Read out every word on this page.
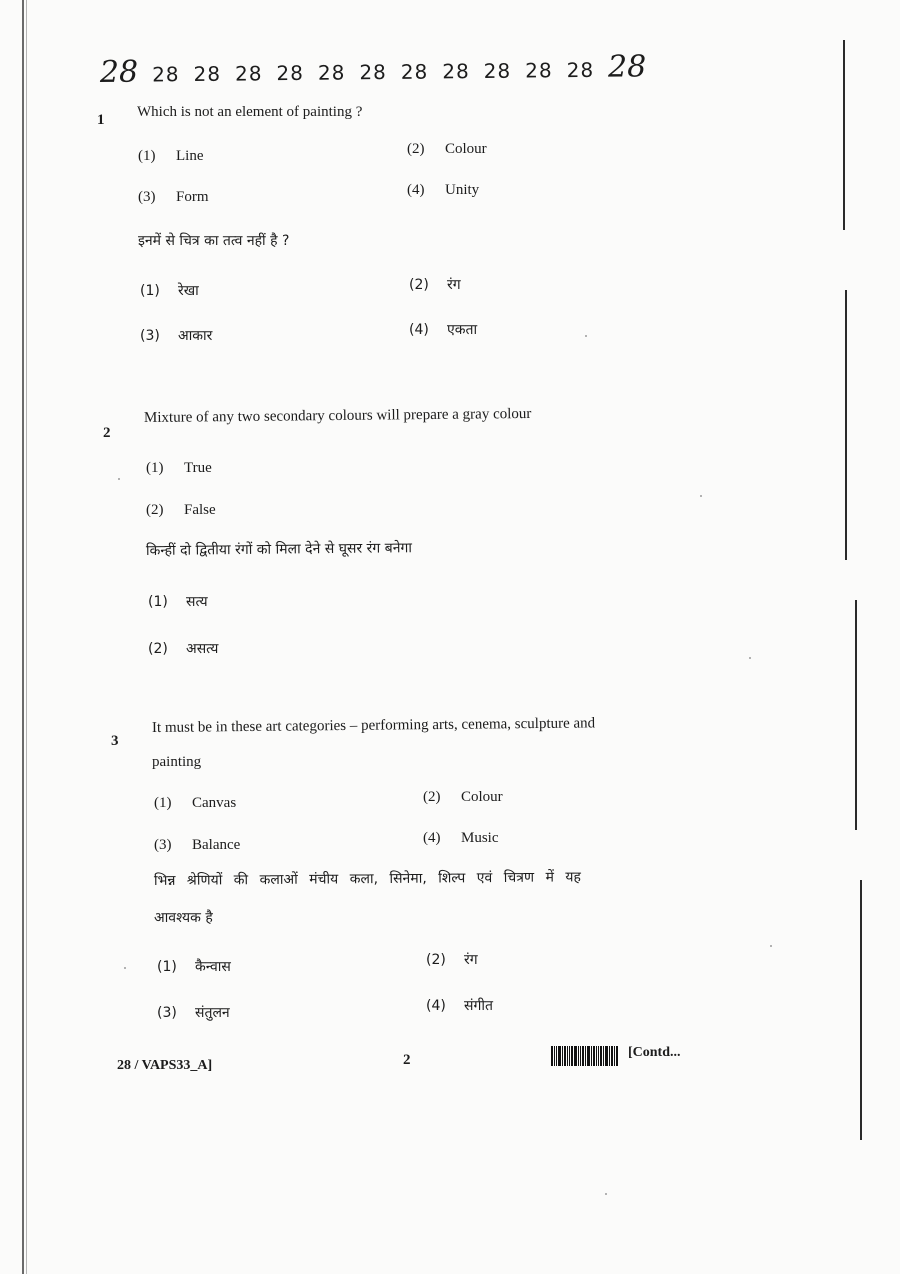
28 28 28 28 28 28 28 28 28 28 28 28 28
1 Which is not an element of painting ?
(1) Line	(2) Colour
(3) Form	(4) Unity
इनमें से चित्र का तत्व नहीं है ?
(1) रेखा	(2) रंग
(3) आकार	(4) एकता
2
Mixture of any two secondary colours will prepare a gray colour
(1) True
(2) False
किन्हीं दो द्वितीया रंगों को मिला देने से घूसर रंग बनेगा
(1) सत्य
(2) असत्य
3
It must be in these art categories – performing arts, cenema, sculpture and
painting
(1) Canvas	(2) Colour
(3) Balance	(4) Music
भिन्न श्रेणियों की कलाओं मंचीय कला, सिनेमा, शिल्प एवं चित्रण में यह
आवश्यक है
(1) कैन्वास	(2) रंग
(3) संतुलन	(4) संगीत
28 / VAPS33_A]	2	[Contd...
